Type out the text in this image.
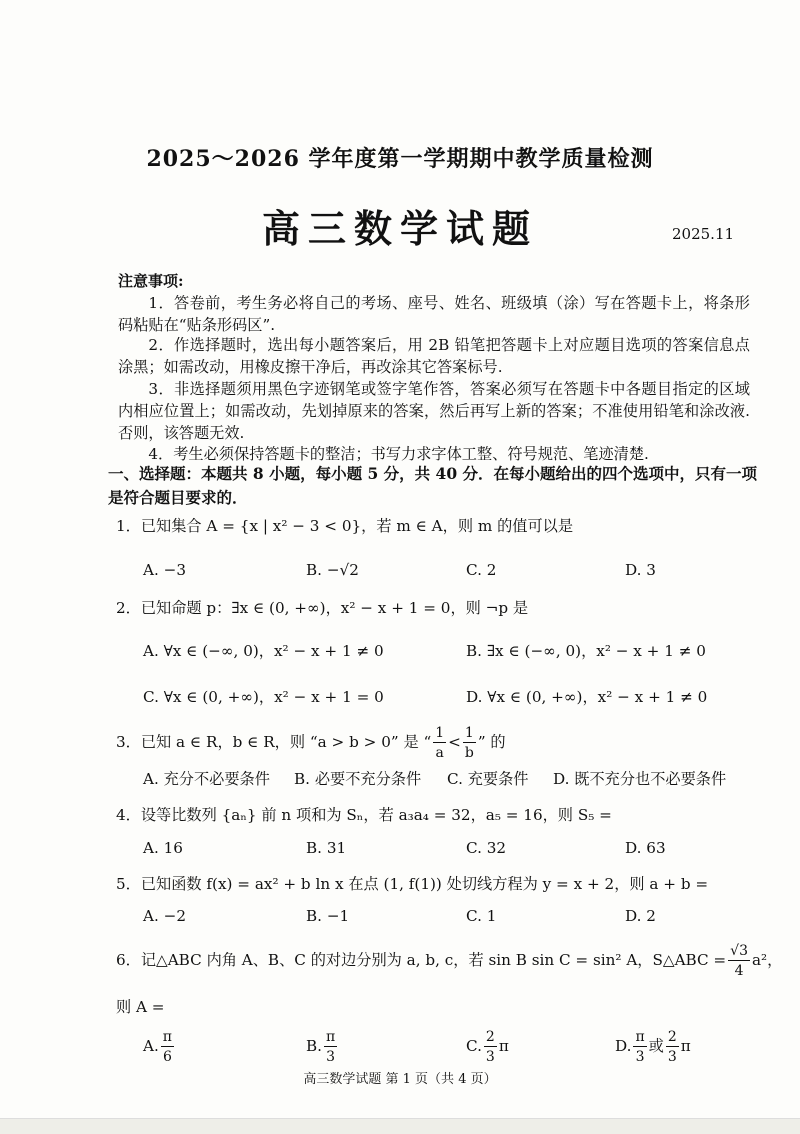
2025～2026 学年度第一学期期中教学质量检测
高三数学试题	2025.11
注意事项:
1．答卷前，考生务必将自己的考场、座号、姓名、班级填（涂）写在答题卡上，将条形码粘贴在“贴条形码区”.
2．作选择题时，选出每小题答案后，用 2B 铅笔把答题卡上对应题目选项的答案信息点涂黑；如需改动，用橡皮擦干净后，再改涂其它答案标号.
3．非选择题须用黑色字迹钢笔或签字笔作答，答案必须写在答题卡中各题目指定的区域内相应位置上；如需改动，先划掉原来的答案，然后再写上新的答案；不准使用铅笔和涂改液. 否则，该答题无效.
4．考生必须保持答题卡的整洁；书写力求字体工整、符号规范、笔迹清楚.
一、选择题：本题共 8 小题，每小题 5 分，共 40 分．在每小题给出的四个选项中，只有一项是符合题目要求的．
1．已知集合 A = {x | x² − 3 < 0}，若 m ∈ A，则 m 的值可以是
A. −3	B. −√2	C. 2	D. 3
2．已知命题 p：∃x ∈ (0, +∞)，x² − x + 1 = 0，则 ¬p 是
A. ∀x ∈ (−∞, 0)，x² − x + 1 ≠ 0	B. ∃x ∈ (−∞, 0)，x² − x + 1 ≠ 0
C. ∀x ∈ (0, +∞)，x² − x + 1 = 0	D. ∀x ∈ (0, +∞)，x² − x + 1 ≠ 0
3．已知 a ∈ R，b ∈ R，则 “a > b > 0” 是 “ $\frac{1}{a} < \frac{1}{b}$ ” 的
A. 充分不必要条件 B. 必要不充分条件 C. 充要条件 D. 既不充分也不必要条件
4．设等比数列 {aₙ} 前 n 项和为 Sₙ，若 a₃a₄ = 32，a₅ = 16，则 S₅ =
A. 16	B. 31	C. 32	D. 63
5．已知函数 f(x) = ax² + b ln x 在点 (1, f(1)) 处切线方程为 y = x + 2，则 a + b =
A. −2	B. −1	C. 1	D. 2
6．记△ABC 内角 A、B、C 的对边分别为 a, b, c，若 sin B sin C = sin² A，S△ABC = $\frac{√3}{4} a^2$，
则 A =
A. $\frac{\pi}{6}$	B. $\frac{\pi}{3}$	C. $\frac{2}{3}$ π	D. $\frac{\pi}{3}$ 或 $\frac{2}{3}$ π
高三数学试题 第 1 页（共 4 页）
